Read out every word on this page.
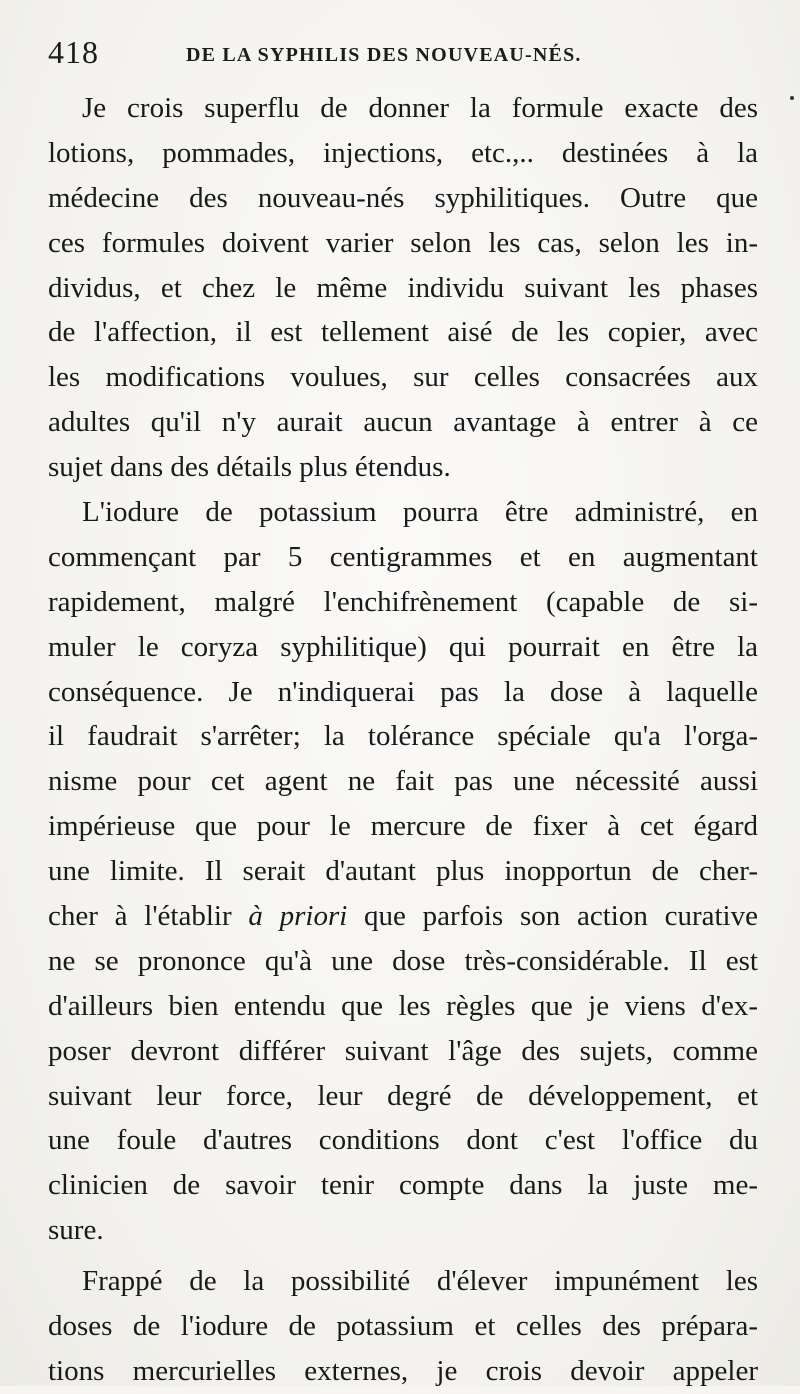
418	DE LA SYPHILIS DES NOUVEAU-NÉS.
Je crois superflu de donner la formule exacte des
lotions, pommades, injections, etc.,.. destinées à la
médecine des nouveau-nés syphilitiques. Outre que
ces formules doivent varier selon les cas, selon les in-
dividus, et chez le même individu suivant les phases
de l'affection, il est tellement aisé de les copier, avec
les modifications voulues, sur celles consacrées aux
adultes qu'il n'y aurait aucun avantage à entrer à ce
sujet dans des détails plus étendus.
L'iodure de potassium pourra être administré, en
commençant par 5 centigrammes et en augmentant
rapidement, malgré l'enchifrènement (capable de si-
muler le coryza syphilitique) qui pourrait en être la
conséquence. Je n'indiquerai pas la dose à laquelle
il faudrait s'arrêter; la tolérance spéciale qu'a l'orga-
nisme pour cet agent ne fait pas une nécessité aussi
impérieuse que pour le mercure de fixer à cet égard
une limite. Il serait d'autant plus inopportun de cher-
cher à l'établir à priori que parfois son action curative
ne se prononce qu'à une dose très-considérable. Il est
d'ailleurs bien entendu que les règles que je viens d'ex-
poser devront différer suivant l'âge des sujets, comme
suivant leur force, leur degré de développement, et
une foule d'autres conditions dont c'est l'office du
clinicien de savoir tenir compte dans la juste me-
sure.
Frappé de la possibilité d'élever impunément les
doses de l'iodure de potassium et celles des prépara-
tions mercurielles externes, je crois devoir appeler
